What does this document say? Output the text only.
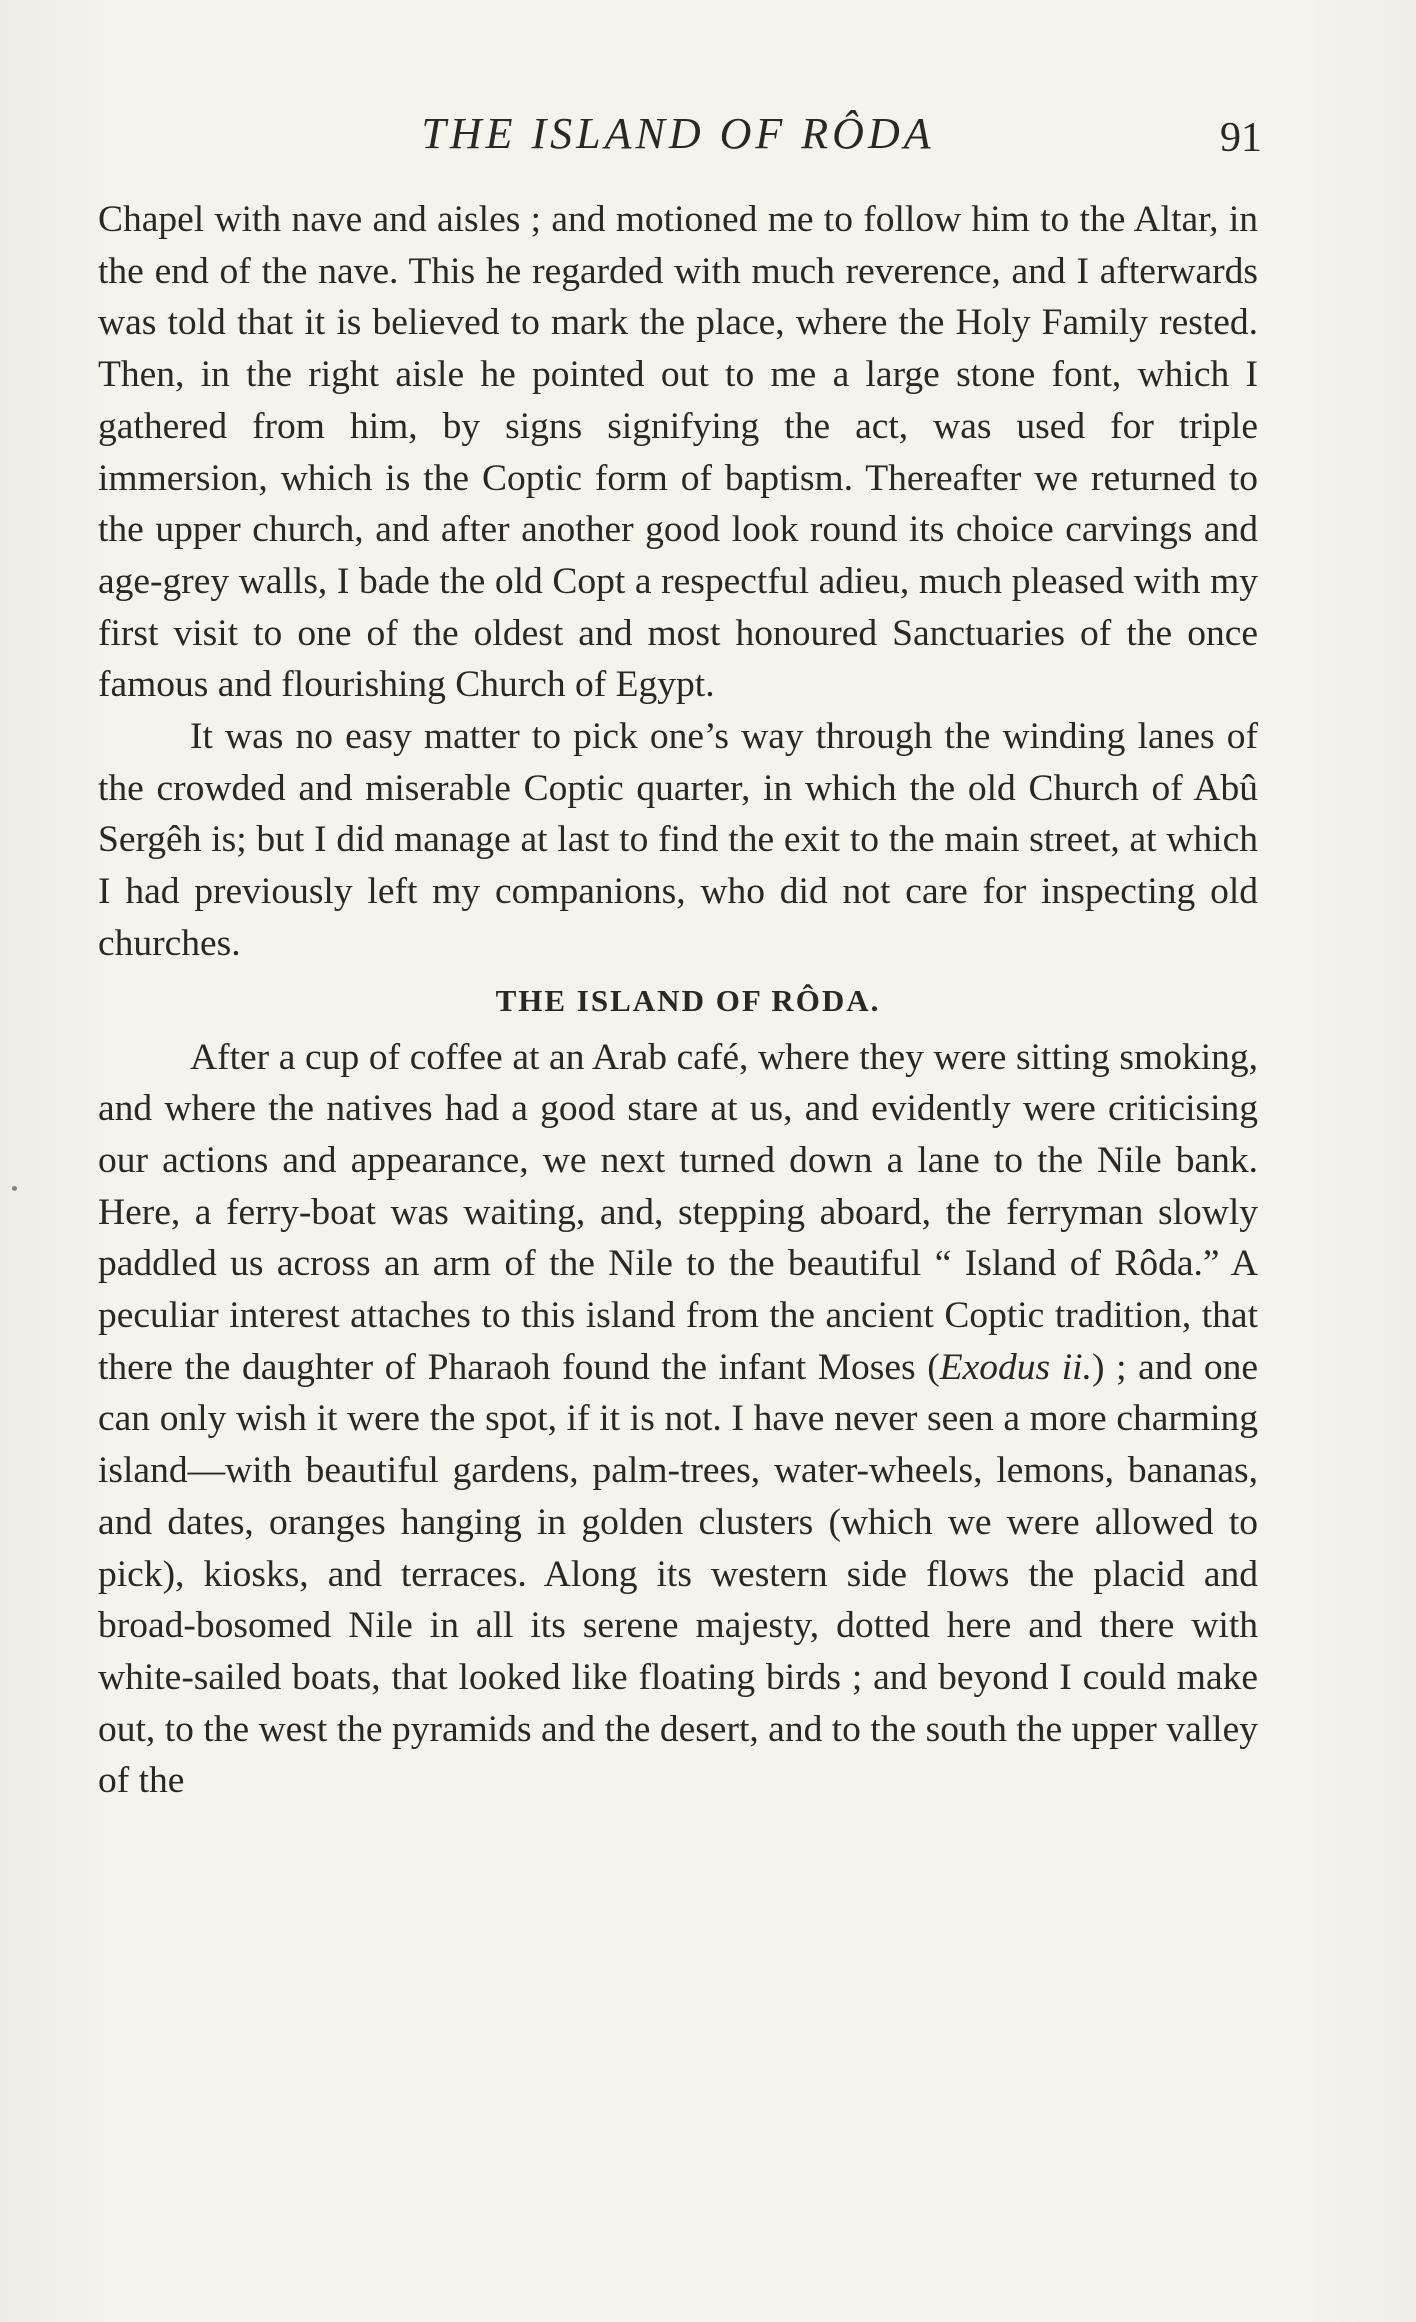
THE ISLAND OF RÔDA	91

Chapel with nave and aisles ; and motioned me to follow him to the Altar, in the end of the nave. This he regarded with much reverence, and I afterwards was told that it is believed to mark the place, where the Holy Family rested. Then, in the right aisle he pointed out to me a large stone font, which I gathered from him, by signs signifying the act, was used for triple immersion, which is the Coptic form of baptism. Thereafter we returned to the upper church, and after another good look round its choice carvings and age-grey walls, I bade the old Copt a respectful adieu, much pleased with my first visit to one of the oldest and most honoured Sanctuaries of the once famous and flourishing Church of Egypt.

It was no easy matter to pick one’s way through the winding lanes of the crowded and miserable Coptic quarter, in which the old Church of Abû Sergêh is; but I did manage at last to find the exit to the main street, at which I had previously left my companions, who did not care for inspecting old churches.

THE ISLAND OF RÔDA.

After a cup of coffee at an Arab café, where they were sitting smoking, and where the natives had a good stare at us, and evidently were criticising our actions and appearance, we next turned down a lane to the Nile bank. Here, a ferry-boat was waiting, and, stepping aboard, the ferryman slowly paddled us across an arm of the Nile to the beautiful “ Island of Rôda.” A peculiar interest attaches to this island from the ancient Coptic tradition, that there the daughter of Pharaoh found the infant Moses (Exodus ii.) ; and one can only wish it were the spot, if it is not. I have never seen a more charming island—with beautiful gardens, palm-trees, water-wheels, lemons, bananas, and dates, oranges hanging in golden clusters (which we were allowed to pick), kiosks, and terraces. Along its western side flows the placid and broad-bosomed Nile in all its serene majesty, dotted here and there with white-sailed boats, that looked like floating birds ; and beyond I could make out, to the west the pyramids and the desert, and to the south the upper valley of the
